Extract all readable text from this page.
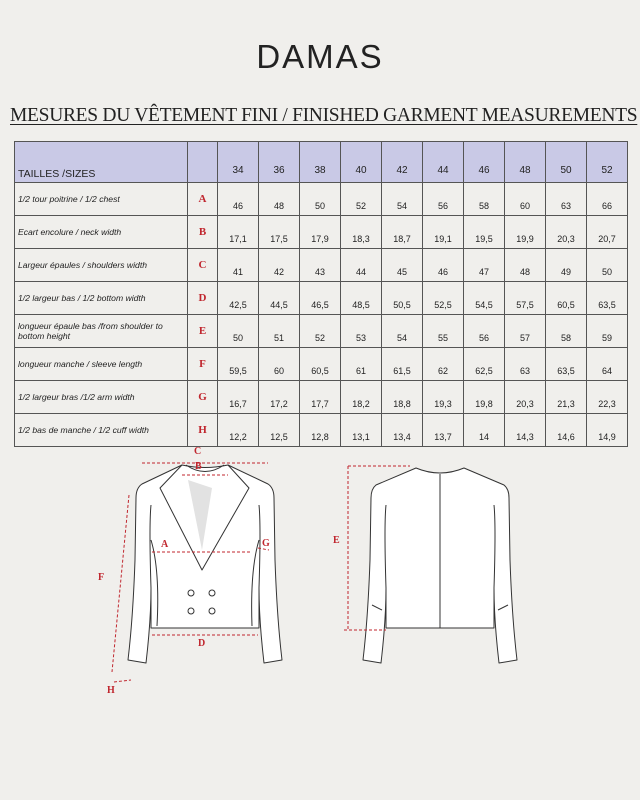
DAMAS
MESURES DU VÊTEMENT FINI / FINISHED GARMENT MEASUREMENTS
TAILLES /SIZES		34	36	38	40	42	44	46	48	50	52
1/2 tour poitrine / 1/2 chest	A	46	48	50	52	54	56	58	60	63	66
Ecart encolure / neck width	B	17,1	17,5	17,9	18,3	18,7	19,1	19,5	19,9	20,3	20,7
Largeur épaules / shoulders width	C	41	42	43	44	45	46	47	48	49	50
1/2 largeur bas / 1/2 bottom width	D	42,5	44,5	46,5	48,5	50,5	52,5	54,5	57,5	60,5	63,5
longueur épaule bas /from shoulder to bottom height	E	50	51	52	53	54	55	56	57	58	59
longueur manche / sleeve length	F	59,5	60	60,5	61	61,5	62	62,5	63	63,5	64
1/2 largeur bras /1/2 arm width	G	16,7	17,2	17,7	18,2	18,8	19,3	19,8	20,3	21,3	22,3
1/2 bas de manche / 1/2 cuff width	H	12,2	12,5	12,8	13,1	13,4	13,7	14	14,3	14,6	14,9
C
B
A	G
D
F
H
E
